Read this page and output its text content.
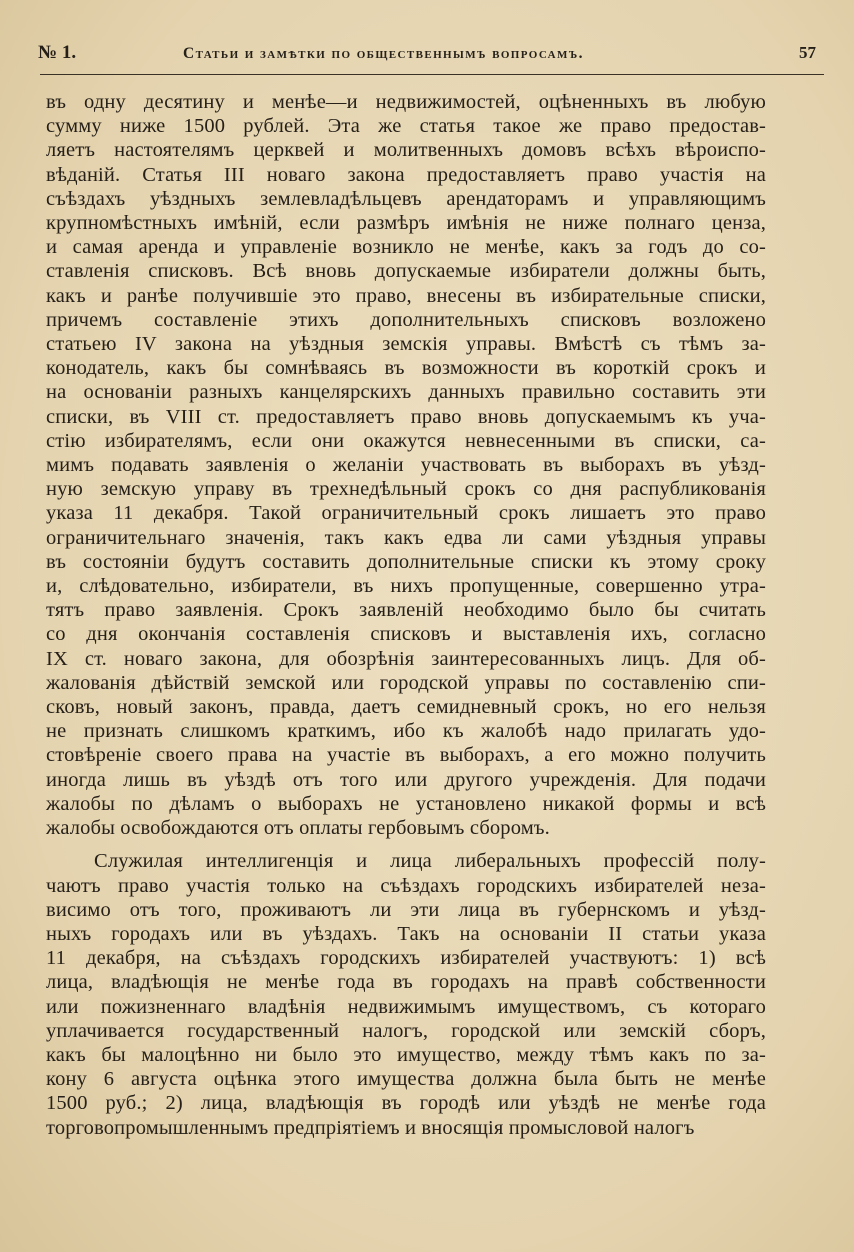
№ 1.	Статьи и замѣтки по общественнымъ вопросамъ.	57

въ одну десятину и менѣе—и недвижимостей, оцѣненныхъ въ любую
сумму ниже 1500 рублей. Эта же статья такое же право предостав-
ляетъ настоятелямъ церквей и молитвенныхъ домовъ всѣхъ вѣроиспо-
вѣданій. Статья III новаго закона предоставляетъ право участія на
съѣздахъ уѣздныхъ землевладѣльцевъ арендаторамъ и управляющимъ
крупномѣстныхъ имѣній, если размѣръ имѣнія не ниже полнаго ценза,
и самая аренда и управленіе возникло не менѣе, какъ за годъ до со-
ставленія списковъ. Всѣ вновь допускаемые избиратели должны быть,
какъ и ранѣе получившіе это право, внесены въ избирательные списки,
причемъ составленіе этихъ дополнительныхъ списковъ возложено
статьею IV закона на уѣздныя земскія управы. Вмѣстѣ съ тѣмъ за-
конодатель, какъ бы сомнѣваясь въ возможности въ короткій срокъ и
на основаніи разныхъ канцелярскихъ данныхъ правильно составить эти
списки, въ VIII ст. предоставляетъ право вновь допускаемымъ къ уча-
стію избирателямъ, если они окажутся невнесенными въ списки, са-
мимъ подавать заявленія о желаніи участвовать въ выборахъ въ уѣзд-
ную земскую управу въ трехнедѣльный срокъ со дня распубликованія
указа 11 декабря. Такой ограничительный срокъ лишаетъ это право
ограничительнаго значенія, такъ какъ едва ли сами уѣздныя управы
въ состояніи будутъ составить дополнительные списки къ этому сроку
и, слѣдовательно, избиратели, въ нихъ пропущенные, совершенно утра-
тятъ право заявленія. Срокъ заявленій необходимо было бы считать
со дня окончанія составленія списковъ и выставленія ихъ, согласно
IX ст. новаго закона, для обозрѣнія заинтересованныхъ лицъ. Для об-
жалованія дѣйствій земской или городской управы по составленію спи-
сковъ, новый законъ, правда, даетъ семидневный срокъ, но его нельзя
не признать слишкомъ краткимъ, ибо къ жалобѣ надо прилагать удо-
стовѣреніе своего права на участіе въ выборахъ, а его можно получить
иногда лишь въ уѣздѣ отъ того или другого учрежденія. Для подачи
жалобы по дѣламъ о выборахъ не установлено никакой формы и всѣ
жалобы освобождаются отъ оплаты гербовымъ сборомъ.

Служилая интеллигенція и лица либеральныхъ профессій полу-
чаютъ право участія только на съѣздахъ городскихъ избирателей неза-
висимо отъ того, проживаютъ ли эти лица въ губернскомъ и уѣзд-
ныхъ городахъ или въ уѣздахъ. Такъ на основаніи II статьи указа
11 декабря, на съѣздахъ городскихъ избирателей участвуютъ: 1) всѣ
лица, владѣющія не менѣе года въ городахъ на правѣ собственности
или пожизненнаго владѣнія недвижимымъ имуществомъ, съ котораго
уплачивается государственный налогъ, городской или земскій сборъ,
какъ бы малоцѣнно ни было это имущество, между тѣмъ какъ по за-
кону 6 августа оцѣнка этого имущества должна была быть не менѣе
1500 руб.; 2) лица, владѣющія въ городѣ или уѣздѣ не менѣе года
торговопромышленнымъ предпріятіемъ и вносящія промысловой налогъ
